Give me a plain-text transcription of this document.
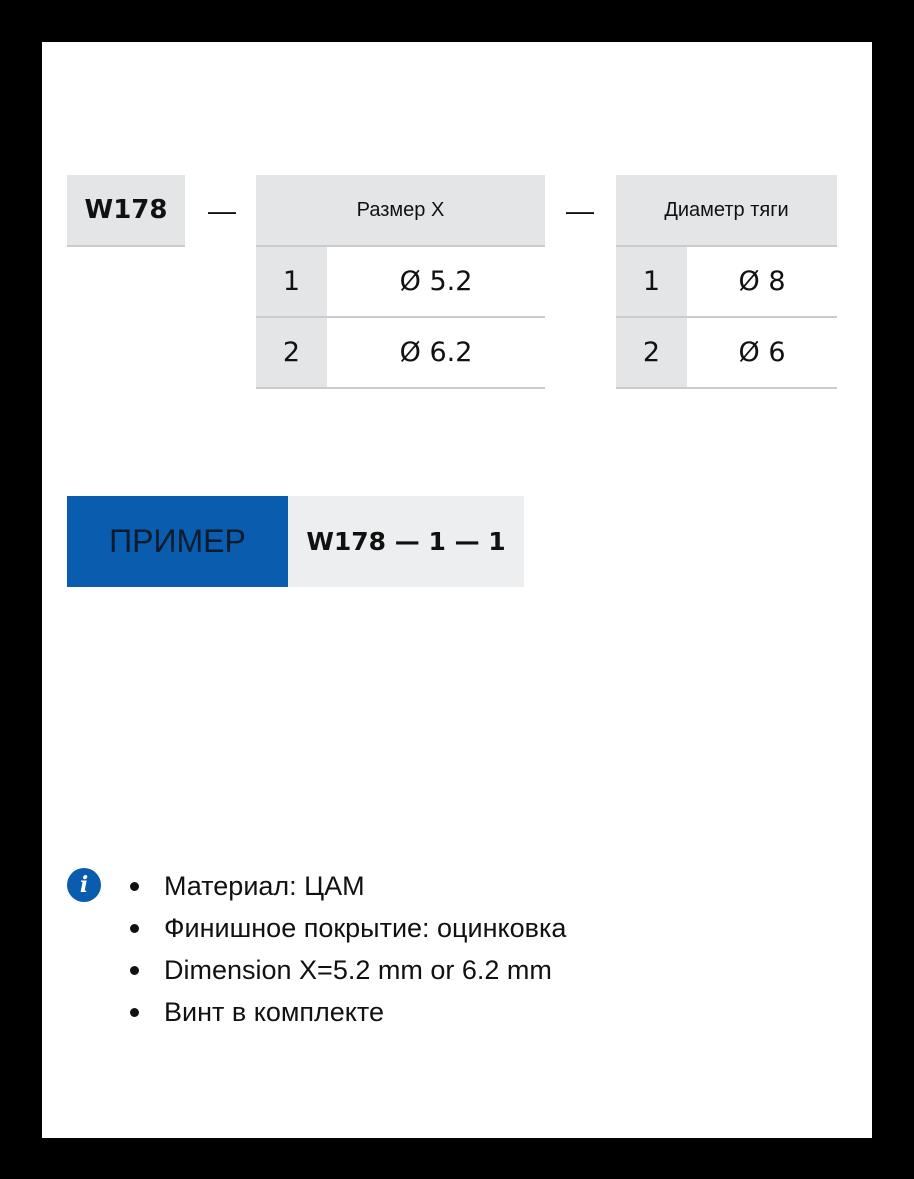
W178 —	Размер X
1	Ø 5.2
2	Ø 6.2
—	Диаметр тяги
1	Ø 8
2	Ø 6
ПРИМЕР	W178 — 1 — 1
i	Материал: ЦАМ
Финишное покрытие: оцинковка
Dimension X=5.2 mm or 6.2 mm
Винт в комплекте
